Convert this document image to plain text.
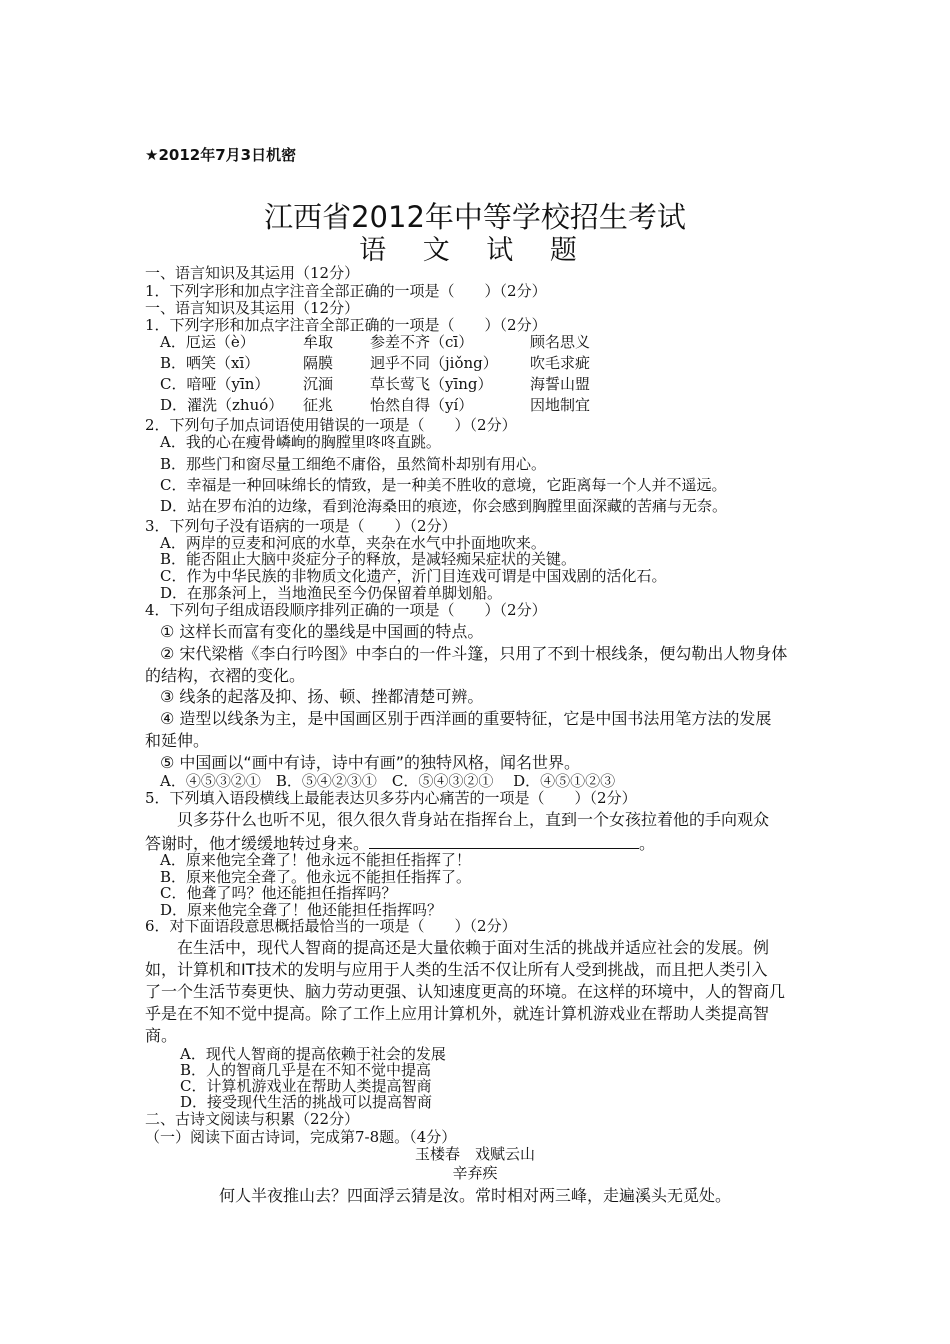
★2012年7月3日机密
江西省2012年中等学校招生考试
语 文 试 题
一、语言知识及其运用（12分）
1．下列字形和加点字注音全部正确的一项是（　　）（2分）
一、语言知识及其运用（12分）
1．下列字形和加点字注音全部正确的一项是（　　）（2分）
A．厄运（è）	牟取 参差不齐（cī）	顾名思义
B．哂笑（xī）	隔膜 迥乎不同（jiǒng） 吹毛求疵
C．喑哑（yīn） 沉湎 草长莺飞（yīng） 海誓山盟
D．濯洗（zhuó） 征兆 怡然自得（yí）	因地制宜
2．下列句子加点词语使用错误的一项是（　　）（2分）
A．我的心在瘦骨嶙峋的胸膛里咚咚直跳。
B．那些门和窗尽量工细绝不庸俗，虽然简朴却别有用心。
C．幸福是一种回味绵长的情致，是一种美不胜收的意境，它距离每一个人并不遥远。
D．站在罗布泊的边缘，看到沧海桑田的痕迹，你会感到胸膛里面深藏的苦痛与无奈。
3．下列句子没有语病的一项是（　　）（2分）
A．两岸的豆麦和河底的水草，夹杂在水气中扑面地吹来。
B．能否阻止大脑中炎症分子的释放，是减轻痴呆症状的关键。
C．作为中华民族的非物质文化遗产，沂门目连戏可谓是中国戏剧的活化石。
D．在那条河上，当地渔民至今仍保留着单脚划船。
4．下列句子组成语段顺序排列正确的一项是（　　）（2分）
① 这样长而富有变化的墨线是中国画的特点。
② 宋代梁楷《李白行吟图》中李白的一件斗篷，只用了不到十根线条，便勾勒出人物身体
的结构，衣褶的变化。
③ 线条的起落及抑、扬、顿、挫都清楚可辨。
④ 造型以线条为主，是中国画区别于西洋画的重要特征，它是中国书法用笔方法的发展
和延伸。
⑤ 中国画以“画中有诗，诗中有画”的独特风格，闻名世界。
A．④⑤③②①　B．⑤④②③①　C．⑤④③②①　 D．④⑤①②③
5．下列填入语段横线上最能表达贝多芬内心痛苦的一项是（　　）（2分）
贝多芬什么也听不见，很久很久背身站在指挥台上，直到一个女孩拉着他的手向观众
答谢时，他才缓缓地转过身来。	。
A．原来他完全聋了！他永远不能担任指挥了！
B．原来他完全聋了。他永远不能担任指挥了。
C．他聋了吗？他还能担任指挥吗？
D．原来他完全聋了！他还能担任指挥吗？
6．对下面语段意思概括最恰当的一项是（　　）（2分）
在生活中，现代人智商的提高还是大量依赖于面对生活的挑战并适应社会的发展。例
如，计算机和IT技术的发明与应用于人类的生活不仅让所有人受到挑战，而且把人类引入
了一个生活节奏更快、脑力劳动更强、认知速度更高的环境。在这样的环境中，人的智商几
乎是在不知不觉中提高。除了工作上应用计算机外，就连计算机游戏业在帮助人类提高智
商。
A．现代人智商的提高依赖于社会的发展
B．人的智商几乎是在不知不觉中提高
C．计算机游戏业在帮助人类提高智商
D．接受现代生活的挑战可以提高智商
二、古诗文阅读与积累（22分）
（一）阅读下面古诗词，完成第7-8题。（4分）
玉楼春　戏赋云山
辛弃疾
何人半夜推山去？四面浮云猜是汝。常时相对两三峰，走遍溪头无觅处。
